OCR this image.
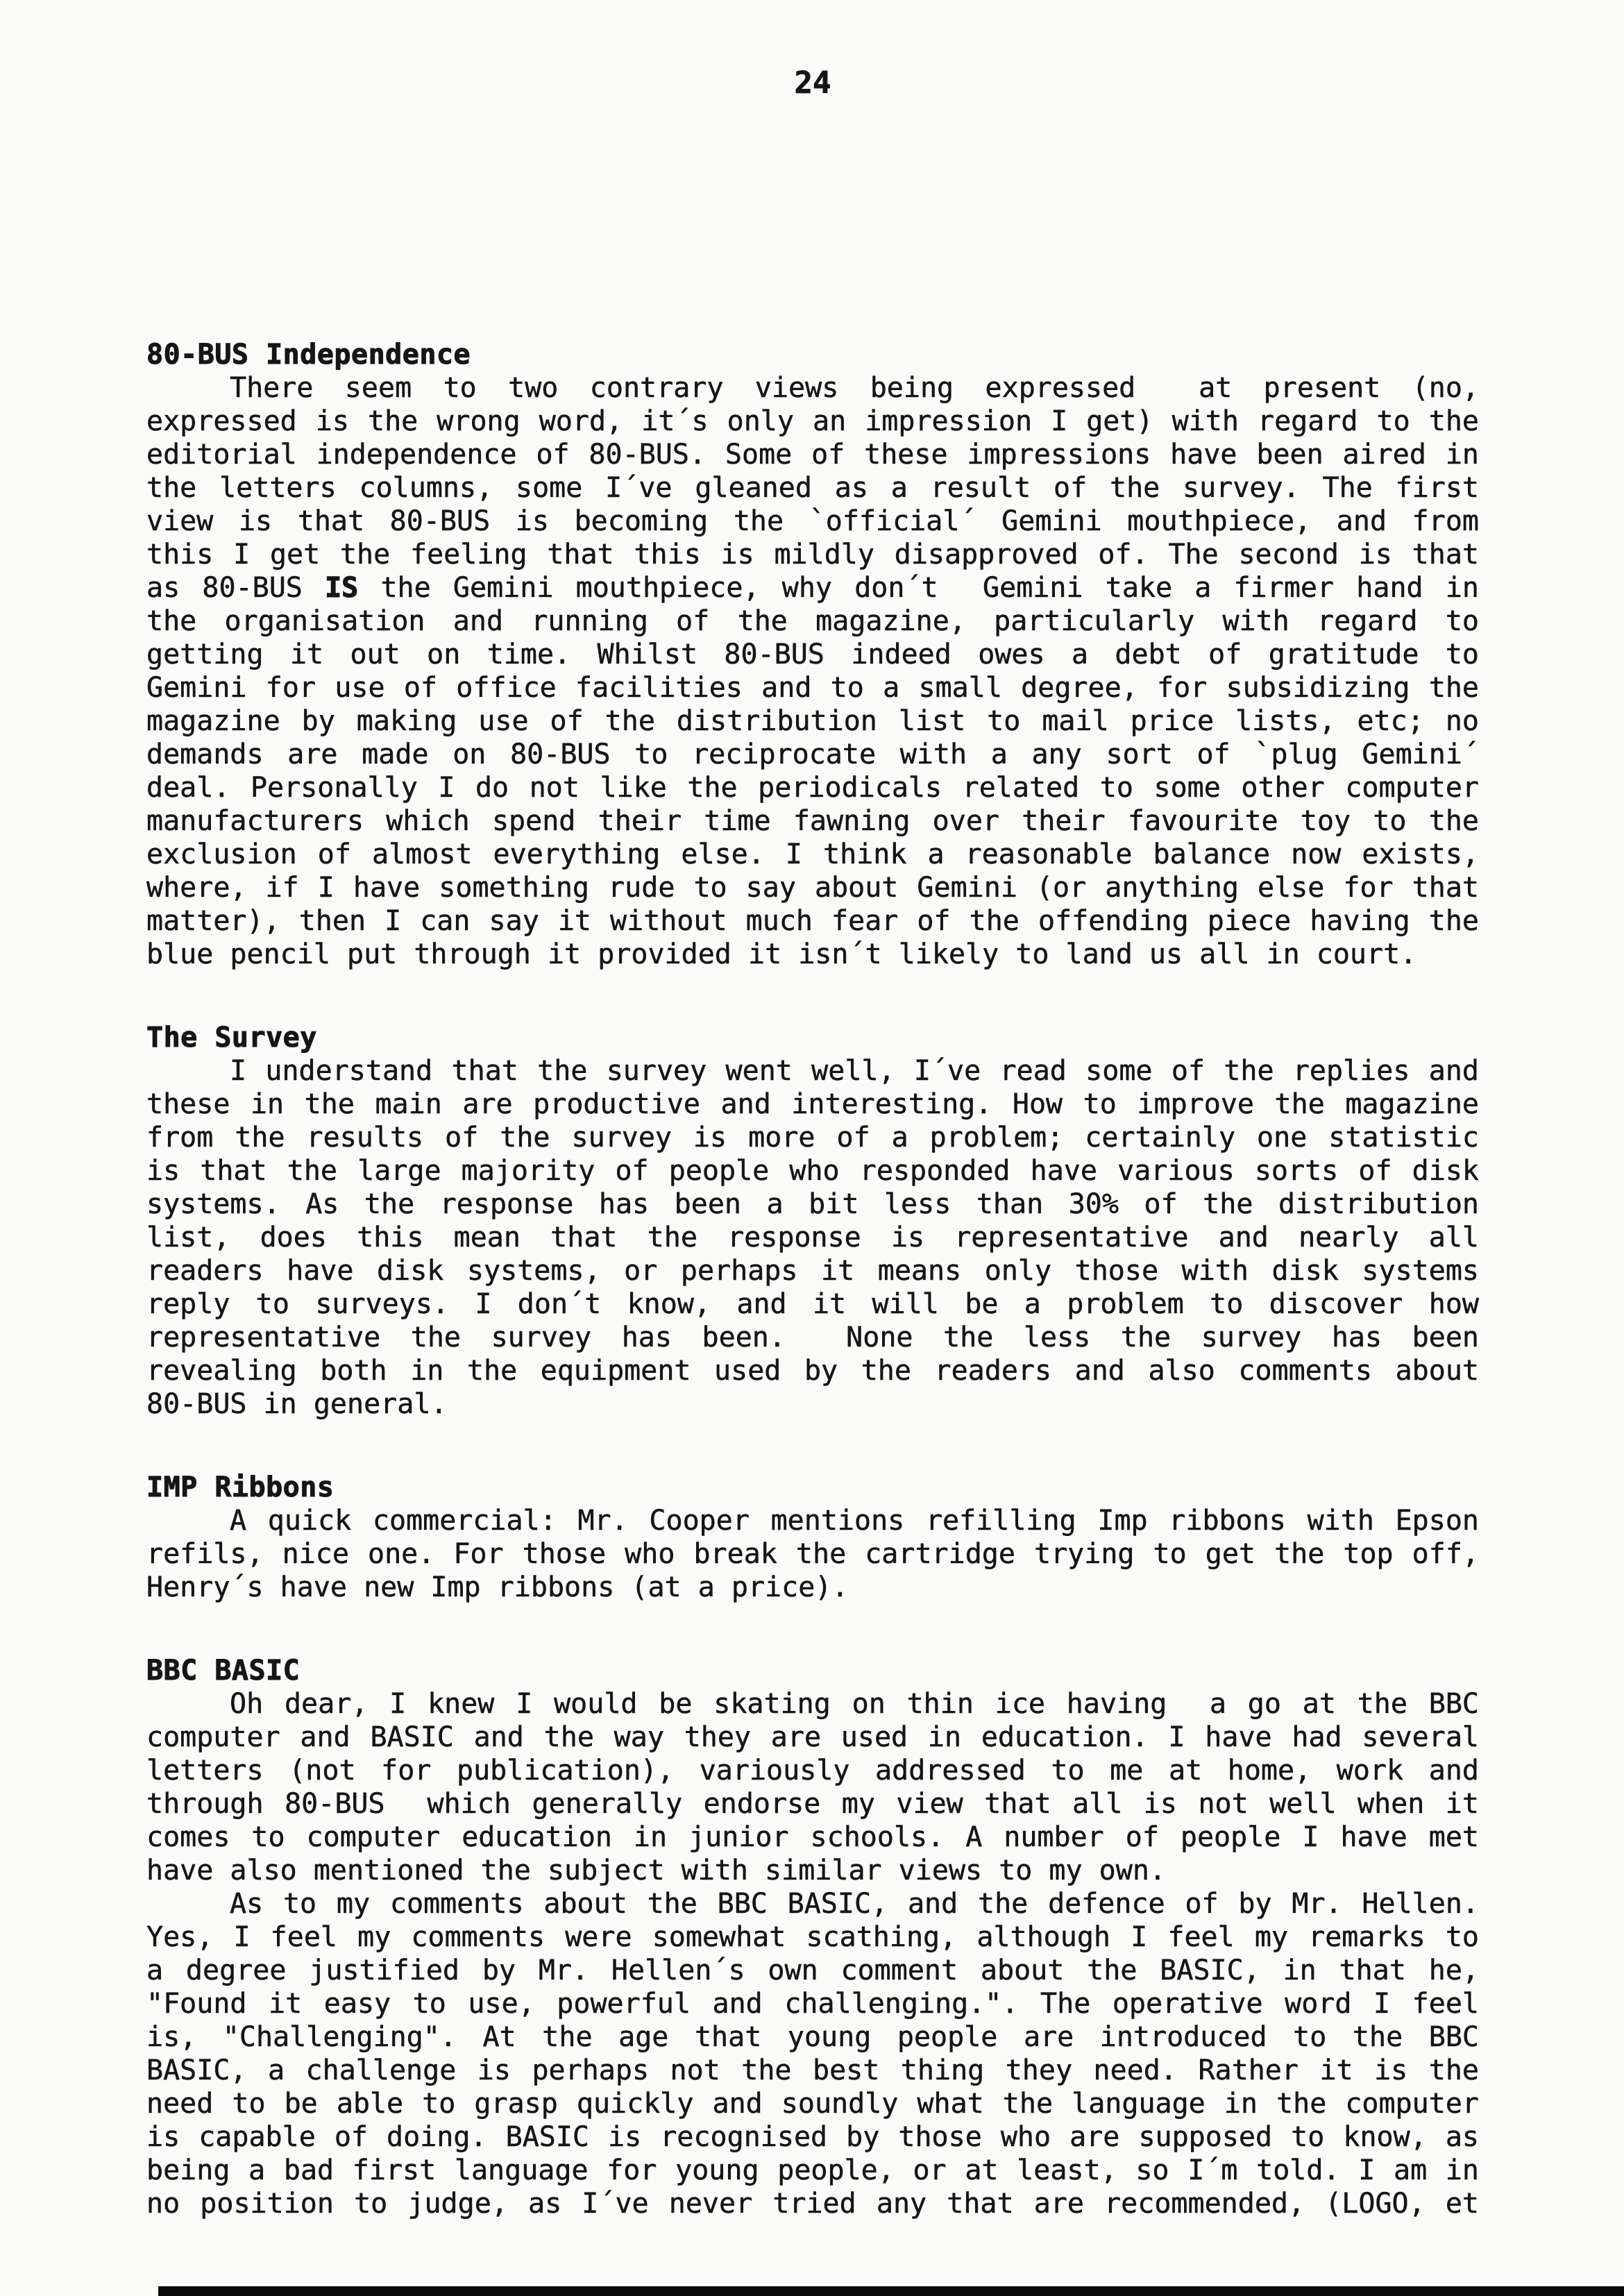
24
80-BUS Independence
There seem to two contrary views being expressed  at present (no,
expressed is the wrong word, it´s only an impression I get) with regard to the
editorial independence of 80-BUS. Some of these impressions have been aired in
the letters columns, some I´ve gleaned as a result of the survey. The first
view is that 80-BUS is becoming the `official´ Gemini mouthpiece, and from
this I get the feeling that this is mildly disapproved of. The second is that
as 80-BUS IS the Gemini mouthpiece, why don´t  Gemini take a firmer hand in
the organisation and running of the magazine, particularly with regard to
getting it out on time. Whilst 80-BUS indeed owes a debt of gratitude to
Gemini for use of office facilities and to a small degree, for subsidizing the
magazine by making use of the distribution list to mail price lists, etc; no
demands are made on 80-BUS to reciprocate with a any sort of `plug Gemini´
deal. Personally I do not like the periodicals related to some other computer
manufacturers which spend their time fawning over their favourite toy to the
exclusion of almost everything else. I think a reasonable balance now exists,
where, if I have something rude to say about Gemini (or anything else for that
matter), then I can say it without much fear of the offending piece having the
blue pencil put through it provided it isn´t likely to land us all in court.
The Survey
I understand that the survey went well, I´ve read some of the replies and
these in the main are productive and interesting. How to improve the magazine
from the results of the survey is more of a problem; certainly one statistic
is that the large majority of people who responded have various sorts of disk
systems. As the response has been a bit less than 30% of the distribution
list, does this mean that the response is representative and nearly all
readers have disk systems, or perhaps it means only those with disk systems
reply to surveys. I don´t know, and it will be a problem to discover how
representative the survey has been.  None the less the survey has been
revealing both in the equipment used by the readers and also comments about
80-BUS in general.
IMP Ribbons
A quick commercial: Mr. Cooper mentions refilling Imp ribbons with Epson
refils, nice one. For those who break the cartridge trying to get the top off,
Henry´s have new Imp ribbons (at a price).
BBC BASIC
Oh dear, I knew I would be skating on thin ice having  a go at the BBC
computer and BASIC and the way they are used in education. I have had several
letters (not for publication), variously addressed to me at home, work and
through 80-BUS  which generally endorse my view that all is not well when it
comes to computer education in junior schools. A number of people I have met
have also mentioned the subject with similar views to my own.
As to my comments about the BBC BASIC, and the defence of by Mr. Hellen.
Yes, I feel my comments were somewhat scathing, although I feel my remarks to
a degree justified by Mr. Hellen´s own comment about the BASIC, in that he,
"Found it easy to use, powerful and challenging.". The operative word I feel
is, "Challenging". At the age that young people are introduced to the BBC
BASIC, a challenge is perhaps not the best thing they need. Rather it is the
need to be able to grasp quickly and soundly what the language in the computer
is capable of doing. BASIC is recognised by those who are supposed to know, as
being a bad first language for young people, or at least, so I´m told. I am in
no position to judge, as I´ve never tried any that are recommended, (LOGO, et
